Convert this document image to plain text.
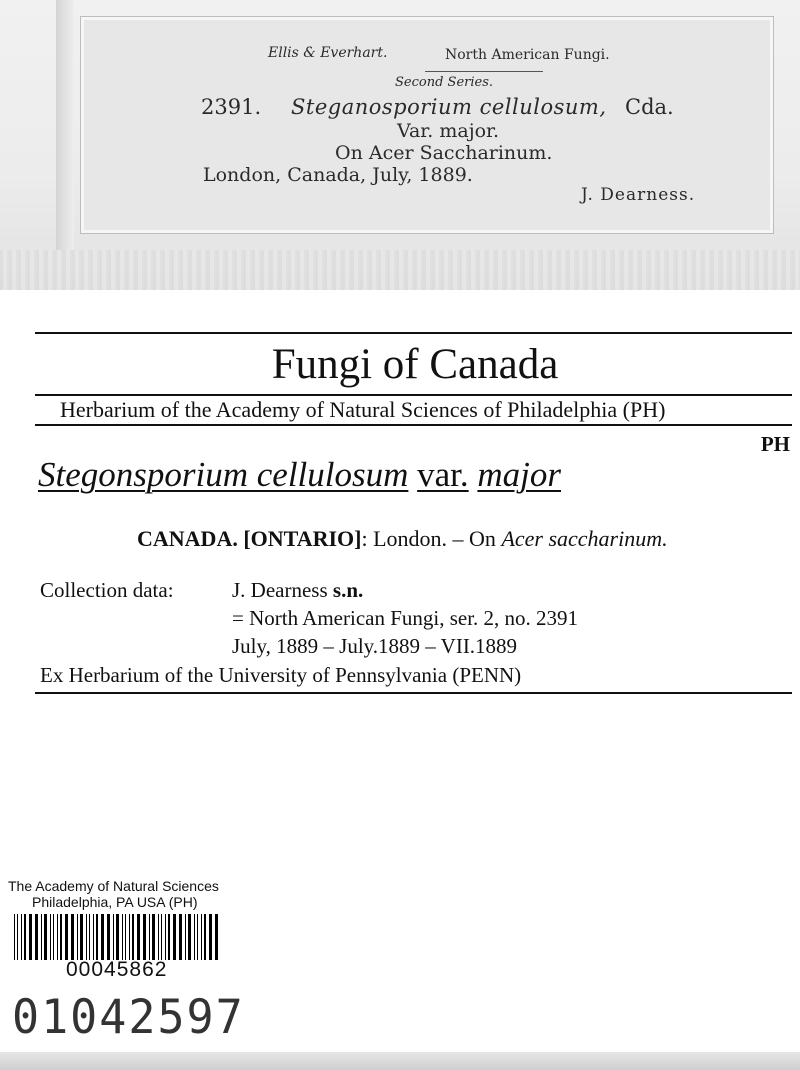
Ellis & Everhart.	North American Fungi.
Second Series.
2391. Steganosporium cellulosum, Cda.
Var. major.
On Acer Saccharinum.
London, Canada, July, 1889.
J. Dearness.
Fungi of Canada
Herbarium of the Academy of Natural Sciences of Philadelphia (PH)
PH
Stegonsporium cellulosum var. major
CANADA. [ONTARIO]: London. – On Acer saccharinum.
Collection data:	J. Dearness s.n.
= North American Fungi, ser. 2, no. 2391
July, 1889 – July.1889 – VII.1889
Ex Herbarium of the University of Pennsylvania (PENN)
The Academy of Natural Sciences
Philadelphia, PA USA (PH)
00045862
01042597
